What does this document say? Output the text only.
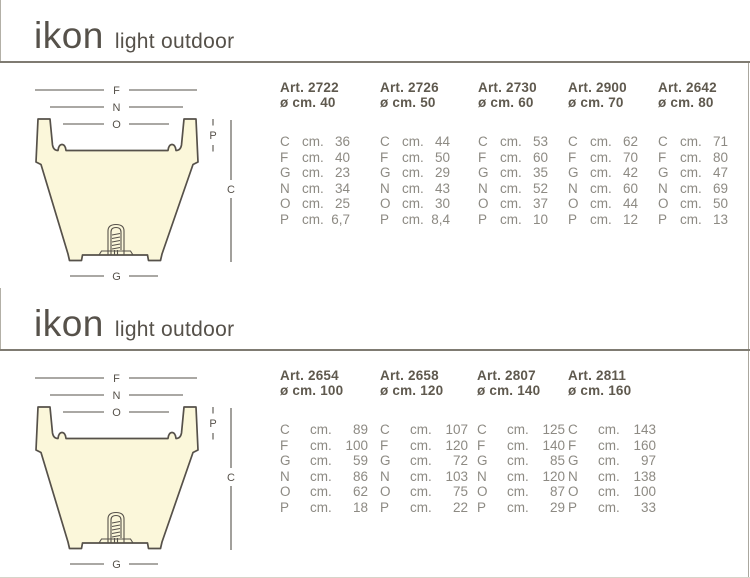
ikon light outdoor
F
N
O
P
C
G
Art. 2722
ø cm. 40
C cm. 36
F	cm. 40
G cm. 23
N cm. 34
O cm. 25
P cm. 6,7
Art. 2726
ø cm. 50
C cm. 44
F	cm. 50
G cm. 29
N cm. 43
O cm. 30
P cm. 8,4
Art. 2730
ø cm. 60
C cm. 53
F	cm. 60
G cm. 35
N cm. 52
O cm. 37
P cm. 10
Art. 2900
ø cm. 70
C cm. 62
F	cm. 70
G cm. 42
N cm. 60
O cm. 44
P cm. 12
Art. 2642
ø cm. 80
C cm. 71
F	cm. 80
G cm. 47
N cm. 69
O cm. 50
P cm. 13
ikon light outdoor
F
N
O
P
C
G
Art. 2654
ø cm. 100
C	cm.	89
F	cm.	100
G	cm.	59
N	cm.	86
O	cm.	62
P	cm.	18
Art. 2658
ø cm. 120
C	cm.	107
F	cm.	120
G	cm.	72
N	cm.	103
O	cm.	75
P	cm.	22
Art. 2807
ø cm. 140
C	cm.	125
F	cm.	140
G	cm.	85
N	cm.	120
O	cm.	87
P	cm.	29
Art. 2811
ø cm. 160
C	cm.	143
F	cm.	160
G	cm.	97
N	cm.	138
O	cm.	100
P	cm.	33
